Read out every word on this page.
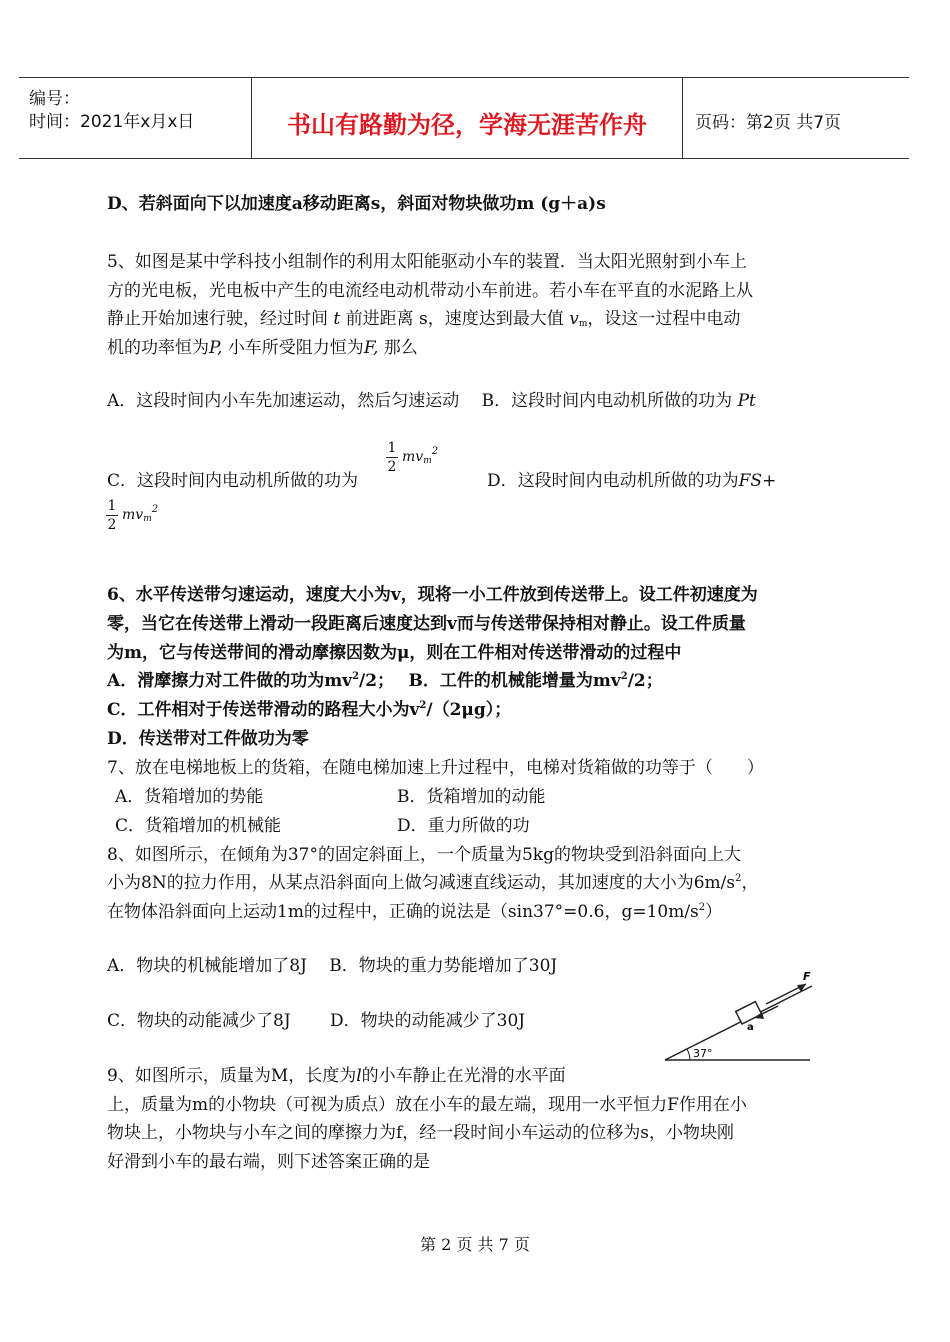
编号：
时间：2021年x月x日	书山有路勤为径，学海无涯苦作舟	页码：第2页 共7页
D、若斜面向下以加速度a移动距离s，斜面对物块做功m (g＋a)s
5、如图是某中学科技小组制作的利用太阳能驱动小车的装置．当太阳光照射到小车上
方的光电板，光电板中产生的电流经电动机带动小车前进。若小车在平直的水泥路上从
静止开始加速行驶，经过时间 t 前进距离 s，速度达到最大值 $v_m$，设这一过程中电动
机的功率恒为P, 小车所受阻力恒为F, 那么
A．这段时间内小车先加速运动，然后匀速运动　 B．这段时间内电动机所做的功为 Pt
C．这段时间内电动机所做的功为
1
2
$mv_m^2$
D．这段时间内电动机所做的功为FS+
1
2
$mv_m^2$
6、水平传送带匀速运动，速度大小为v，现将一小工件放到传送带上。设工件初速度为
零，当它在传送带上滑动一段距离后速度达到v而与传送带保持相对静止。设工件质量
为m，它与传送带间的滑动摩擦因数为μ，则在工件相对传送带滑动的过程中
A．滑摩擦力对工件做的功为$mv^2/2$；　 B．工件的机械能增量为$mv^2/2$；
C．工件相对于传送带滑动的路程大小为$v^2/(2\mu g)$；
D．传送带对工件做功为零
7、放在电梯地板上的货箱，在随电梯加速上升过程中，电梯对货箱做的功等于（　　）
A．货箱增加的势能	B．货箱增加的动能
C．货箱增加的机械能	D．重力所做的功
8、如图所示，在倾角为37°的固定斜面上，一个质量为5kg的物块受到沿斜面向上大
小为8N的拉力作用，从某点沿斜面向上做匀减速直线运动，其加速度的大小为$6m/s^2$，
在物体沿斜面向上运动1m的过程中，正确的说法是（sin37°=0.6，$g=10m/s^2$）
A．物块的机械能增加了8J　 B．物块的重力势能增加了30J
C．物块的动能减少了8J　　 D．物块的动能减少了30J
37°
F
a
9、如图所示，质量为M，长度为l的小车静止在光滑的水平面
上，质量为m的小物块（可视为质点）放在小车的最左端，现用一水平恒力F作用在小
物块上，小物块与小车之间的摩擦力为f，经一段时间小车运动的位移为s，小物块刚
好滑到小车的最右端，则下述答案正确的是
第 2 页 共 7 页
